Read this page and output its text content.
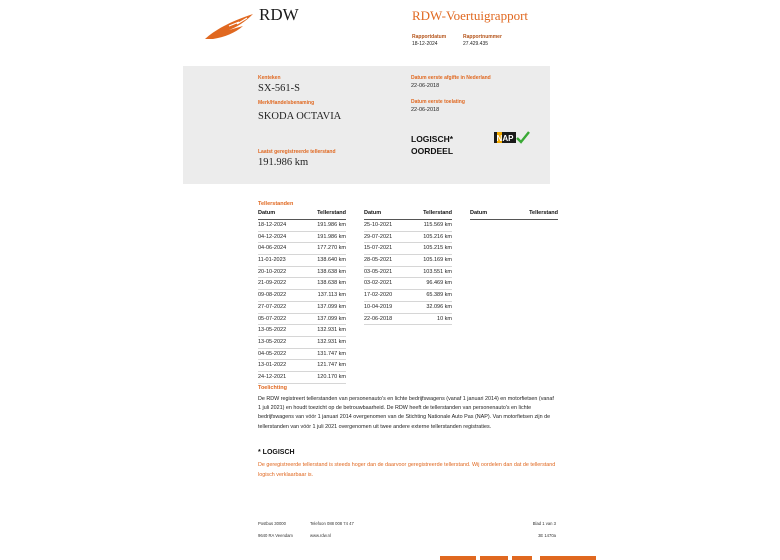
RDW	RDW-Voertuigrapport
Rapportdatum
18-12-2024
Rapportnummer
27.429.435
Kenteken
SX-561-S
Merk/Handelsbenaming
SKODA OCTAVIA
Laatst geregistreerde tellerstand
191.986 km
Datum eerste afgifte in Nederland
22-06-2018
Datum eerste toelating
22-06-2018
LOGISCH*
OORDEEL
NAP
Tellerstanden
Datum	Tellerstand
18-12-2024	191.986 km
04-12-2024	191.986 km
04-06-2024	177.270 km
11-01-2023	138.640 km
20-10-2022	138.638 km
21-09-2022	138.638 km
09-08-2022	137.113 km
27-07-2022	137.099 km
05-07-2022	137.099 km
13-05-2022	132.931 km
13-05-2022	132.931 km
04-05-2022	131.747 km
13-01-2022	121.747 km
24-12-2021	120.170 km
Datum	Tellerstand
25-10-2021	115.569 km
29-07-2021	105.216 km
15-07-2021	105.215 km
28-05-2021	105.169 km
03-05-2021	103.551 km
03-02-2021	96.469 km
17-02-2020	65.389 km
10-04-2019	32.096 km
22-06-2018	10 km
Datum	Tellerstand
Toelichting
De RDW registreert tellerstanden van personenauto's en lichte bedrijfswagens (vanaf 1 januari 2014) en motorfietsen (vanaf 1 juli 2021) en houdt toezicht op de betrouwbaarheid. De RDW heeft de tellerstanden van personenauto's en lichte bedrijfswagens van vóór 1 januari 2014 overgenomen van de Stichting Nationale Auto Pas (NAP). Van motorfietsen zijn de tellerstanden van vóór 1 juli 2021 overgenomen uit twee andere externe tellerstanden registraties.
* LOGISCH
De geregistreerde tellerstand is steeds hoger dan de daarvoor geregistreerde tellerstand. Wij oordelen dan dat de tellerstand logisch verklaarbaar is.
Postbus 30000
9640 RA Veendam
Telefoon 088 008 74 47
www.rdw.nl
Blad 1 van 3
3E 1470a
